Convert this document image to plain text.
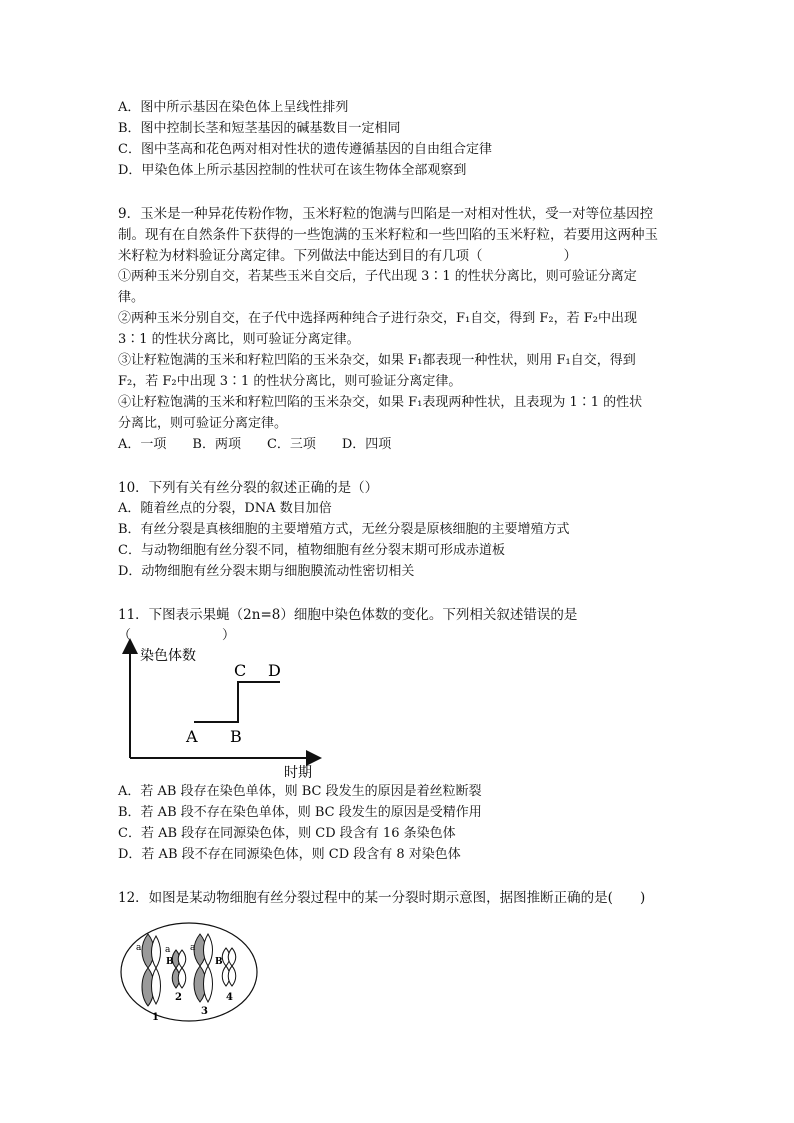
A．图中所示基因在染色体上呈线性排列
B．图中控制长茎和短茎基因的碱基数目一定相同
C．图中茎高和花色两对相对性状的遗传遵循基因的自由组合定律
D．甲染色体上所示基因控制的性状可在该生物体全部观察到
9．玉米是一种异花传粉作物，玉米籽粒的饱满与凹陷是一对相对性状，受一对等位基因控
制。现有在自然条件下获得的一些饱满的玉米籽粒和一些凹陷的玉米籽粒，若要用这两种玉
米籽粒为材料验证分离定律。下列做法中能达到目的有几项（　　　　　　）
①两种玉米分别自交，若某些玉米自交后，子代出现 3∶1 的性状分离比，则可验证分离定
律。
②两种玉米分别自交，在子代中选择两种纯合子进行杂交，F₁自交，得到 F₂，若 F₂中出现
3∶1 的性状分离比，则可验证分离定律。
③让籽粒饱满的玉米和籽粒凹陷的玉米杂交，如果 F₁都表现一种性状，则用 F₁自交，得到
F₂，若 F₂中出现 3∶1 的性状分离比，则可验证分离定律。
④让籽粒饱满的玉米和籽粒凹陷的玉米杂交，如果 F₁表现两种性状，且表现为 1∶1 的性状
分离比，则可验证分离定律。
A．一项　　B．两项　　C．三项　　D．四项
10．下列有关有丝分裂的叙述正确的是（）
A．随着丝点的分裂，DNA 数目加倍
B．有丝分裂是真核细胞的主要增殖方式，无丝分裂是原核细胞的主要增殖方式
C．与动物细胞有丝分裂不同，植物细胞有丝分裂末期可形成赤道板
D．动物细胞有丝分裂末期与细胞膜流动性密切相关
11．下图表示果蝇（2n=8）细胞中染色体数的变化。下列相关叙述错误的是
（　　　　　　　）
染色体数
时期
A B
C D
A．若 AB 段存在染色单体，则 BC 段发生的原因是着丝粒断裂
B．若 AB 段不存在染色单体，则 BC 段发生的原因是受精作用
C．若 AB 段存在同源染色体，则 CD 段含有 16 条染色体
D．若 AB 段不存在同源染色体，则 CD 段含有 8 对染色体
12．如图是某动物细胞有丝分裂过程中的某一分裂时期示意图，据图推断正确的是(　　)
a	a
B
a
B
1
2
3
4
